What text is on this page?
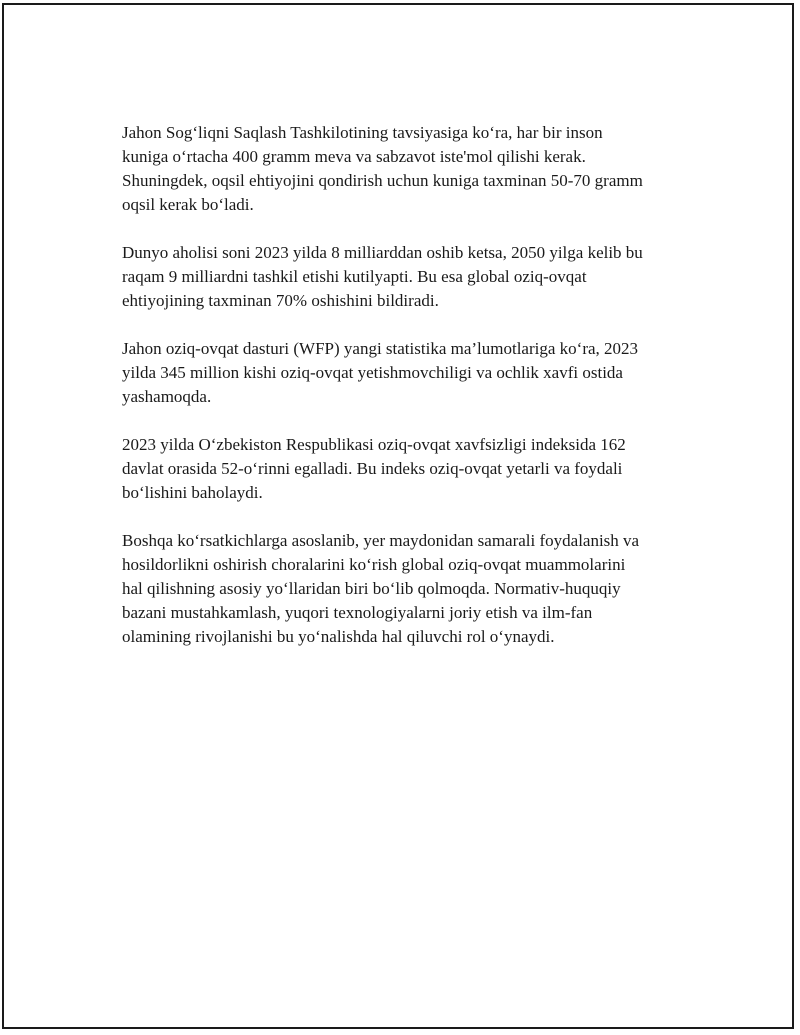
Jahon Sog‘liqni Saqlash Tashkilotining tavsiyasiga ko‘ra, har bir inson
kuniga o‘rtacha 400 gramm meva va sabzavot iste'mol qilishi kerak.
Shuningdek, oqsil ehtiyojini qondirish uchun kuniga taxminan 50-70 gramm
oqsil kerak bo‘ladi.

Dunyo aholisi soni 2023 yilda 8 milliarddan oshib ketsa, 2050 yilga kelib bu
raqam 9 milliardni tashkil etishi kutilyapti. Bu esa global oziq-ovqat
ehtiyojining taxminan 70% oshishini bildiradi.

Jahon oziq-ovqat dasturi (WFP) yangi statistika ma’lumotlariga ko‘ra, 2023
yilda 345 million kishi oziq-ovqat yetishmovchiligi va ochlik xavfi ostida
yashamoqda.

2023 yilda O‘zbekiston Respublikasi oziq-ovqat xavfsizligi indeksida 162
davlat orasida 52-o‘rinni egalladi. Bu indeks oziq-ovqat yetarli va foydali
bo‘lishini baholaydi.

Boshqa ko‘rsatkichlarga asoslanib, yer maydonidan samarali foydalanish va
hosildorlikni oshirish choralarini ko‘rish global oziq-ovqat muammolarini
hal qilishning asosiy yo‘llaridan biri bo‘lib qolmoqda. Normativ-huquqiy
bazani mustahkamlash, yuqori texnologiyalarni joriy etish va ilm-fan
olamining rivojlanishi bu yo‘nalishda hal qiluvchi rol o‘ynaydi.
